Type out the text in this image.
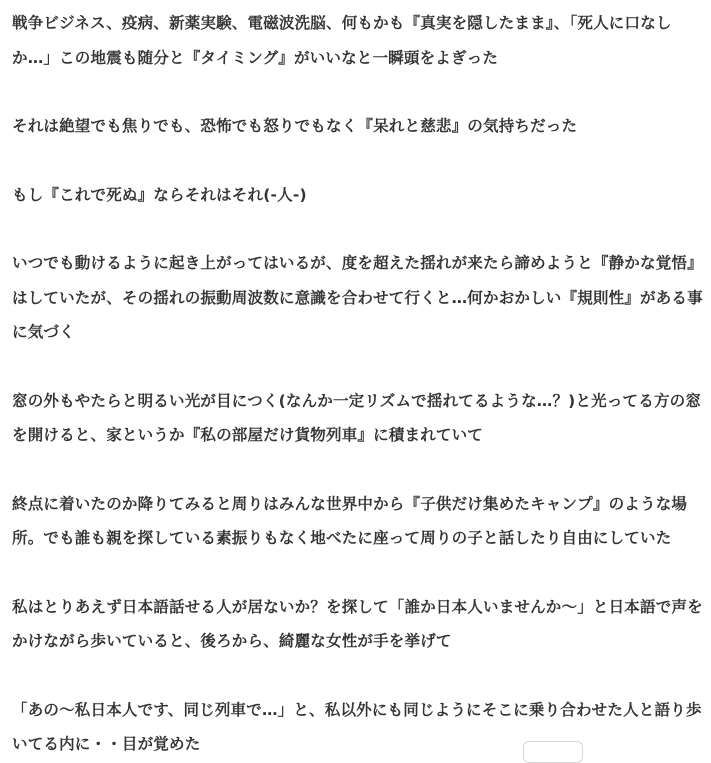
戦争ビジネス、疫病、新薬実験、電磁波洗脳、何もかも『真実を隠したまま』、「死人に口なしか…」この地震も随分と『タイミング』がいいなと一瞬頭をよぎった

それは絶望でも焦りでも、恐怖でも怒りでもなく『呆れと慈悲』の気持ちだった

もし『これで死ぬ』ならそれはそれ(-人-)

いつでも動けるように起き上がってはいるが、度を超えた揺れが来たら諦めようと『静かな覚悟』はしていたが、その揺れの振動周波数に意識を合わせて行くと…何かおかしい『規則性』がある事に気づく

窓の外もやたらと明るい光が目につく(なんか一定リズムで揺れてるような…？)と光ってる方の窓を開けると、家というか『私の部屋だけ貨物列車』に積まれていて

終点に着いたのか降りてみると周りはみんな世界中から『子供だけ集めたキャンプ』のような場所。でも誰も親を探している素振りもなく地べたに座って周りの子と話したり自由にしていた

私はとりあえず日本語話せる人が居ないか？を探して「誰か日本人いませんか〜」と日本語で声をかけながら歩いていると、後ろから、綺麗な女性が手を挙げて

「あの〜私日本人です、同じ列車で…」と、私以外にも同じようにそこに乗り合わせた人と語り歩いてる内に・・目が覚めた
